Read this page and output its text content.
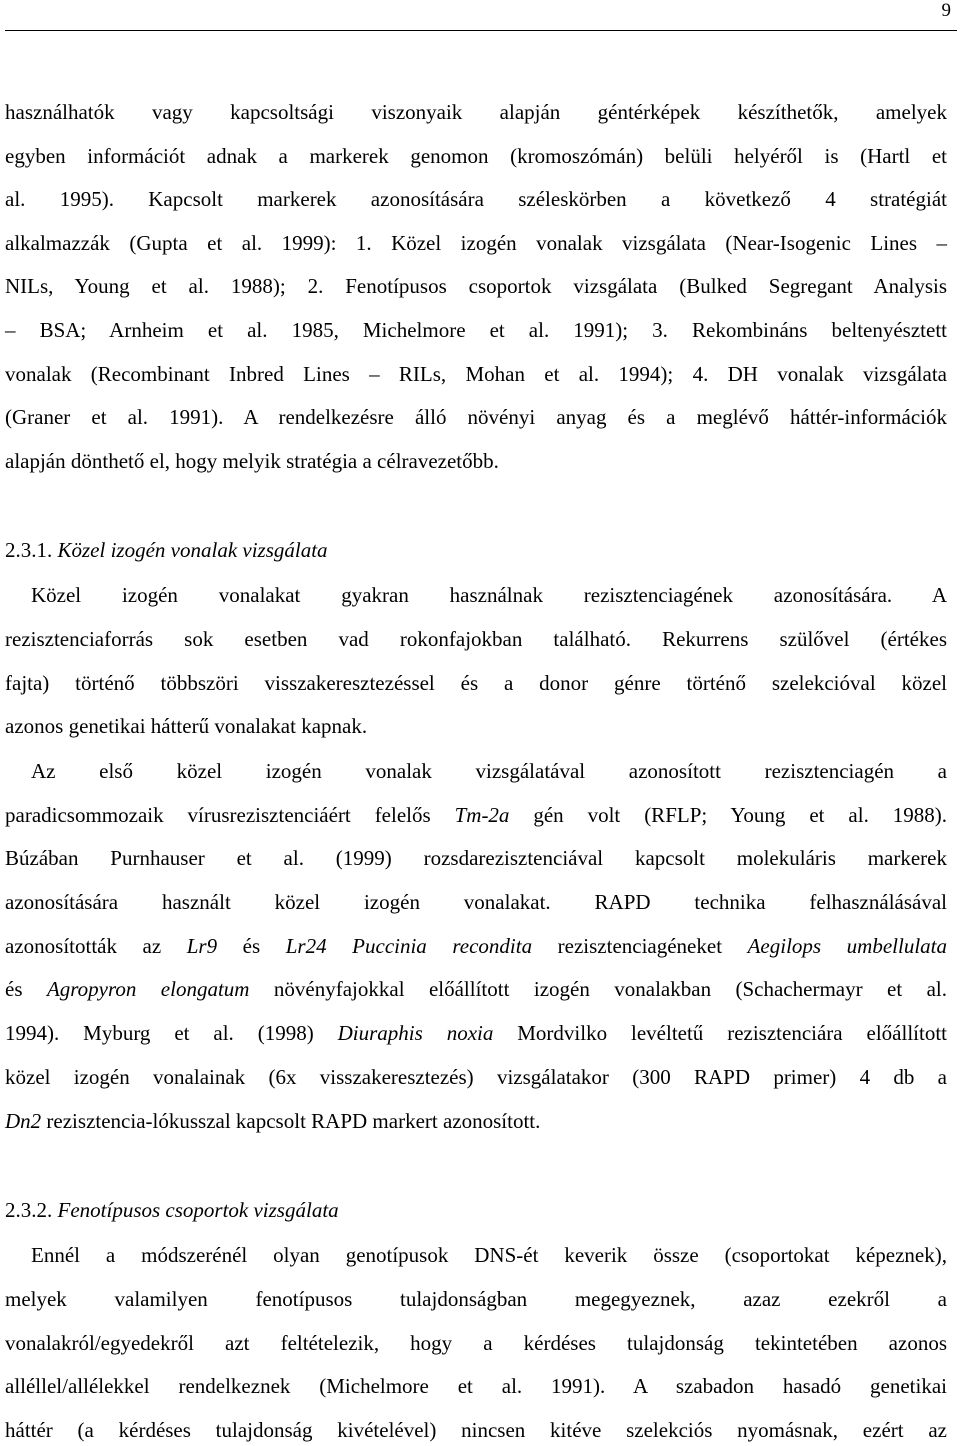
9
használhatók vagy kapcsoltsági viszonyaik alapján géntérképek készíthetők, amelyek
egyben információt adnak a markerek genomon (kromoszómán) belüli helyéről is (Hartl et
al. 1995). Kapcsolt markerek azonosítására széleskörben a következő 4 stratégiát
alkalmazzák (Gupta et al. 1999): 1. Közel izogén vonalak vizsgálata (Near-Isogenic Lines –
NILs, Young et al. 1988); 2. Fenotípusos csoportok vizsgálata (Bulked Segregant Analysis
– BSA; Arnheim et al. 1985, Michelmore et al. 1991); 3. Rekombináns beltenyésztett
vonalak (Recombinant Inbred Lines – RILs, Mohan et al. 1994); 4. DH vonalak vizsgálata
(Graner et al. 1991). A rendelkezésre álló növényi anyag és a meglévő háttér-információk
alapján dönthető el, hogy melyik stratégia a célravezetőbb.
2.3.1. Közel izogén vonalak vizsgálata
Közel izogén vonalakat gyakran használnak rezisztenciagének azonosítására. A
rezisztenciaforrás sok esetben vad rokonfajokban található. Rekurrens szülővel (értékes
fajta) történő többszöri visszakeresztezéssel és a donor génre történő szelekcióval közel
azonos genetikai hátterű vonalakat kapnak.
Az első közel izogén vonalak vizsgálatával azonosított rezisztenciagén a
paradicsommozaik vírusrezisztenciáért felelős Tm-2a gén volt (RFLP; Young et al. 1988).
Búzában Purnhauser et al. (1999) rozsdarezisztenciával kapcsolt molekuláris markerek
azonosítására használt közel izogén vonalakat. RAPD technika felhasználásával
azonosították az Lr9 és Lr24 Puccinia recondita rezisztenciagéneket Aegilops umbellulata
és Agropyron elongatum növényfajokkal előállított izogén vonalakban (Schachermayr et al.
1994). Myburg et al. (1998) Diuraphis noxia Mordvilko levéltetű rezisztenciára előállított
közel izogén vonalainak (6x visszakeresztezés) vizsgálatakor (300 RAPD primer) 4 db a
Dn2 rezisztencia-lókusszal kapcsolt RAPD markert azonosított.
2.3.2. Fenotípusos csoportok vizsgálata
Ennél a módszerénél olyan genotípusok DNS-ét keverik össze (csoportokat képeznek),
melyek valamilyen fenotípusos tulajdonságban megegyeznek, azaz ezekről a
vonalakról/egyedekről azt feltételezik, hogy a kérdéses tulajdonság tekintetében azonos
alléllel/allélekkel rendelkeznek (Michelmore et al. 1991). A szabadon hasadó genetikai
háttér (a kérdéses tulajdonság kivételével) nincsen kitéve szelekciós nyomásnak, ezért az
